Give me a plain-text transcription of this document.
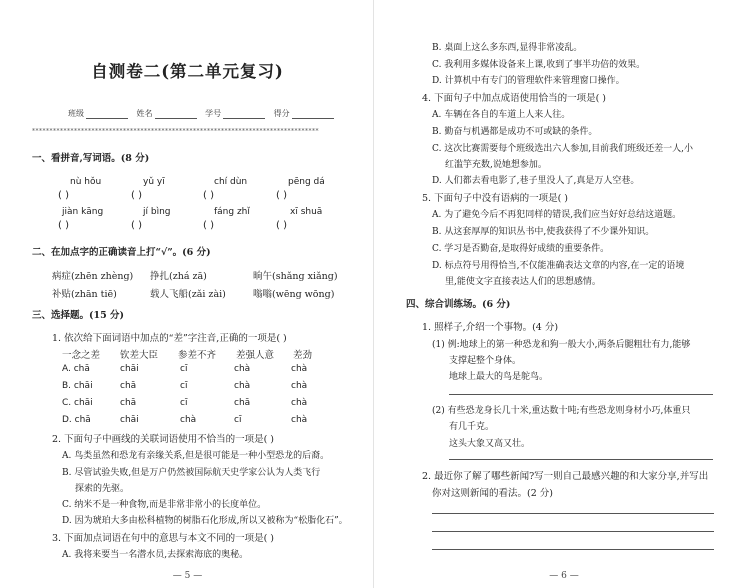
自测卷二(第二单元复习)
班级	姓名	学号	得分
**********************************************************************************
一、看拼音,写词语。(8 分)
nù hǒu	yǔ yī	chí dùn	pēng dá
( )	( )	( )	( )
jiàn kāng	jí bìng	fáng zhǐ	xī shuā
( )	( )	( )	( )
二、在加点字的正确读音上打“√”。(6 分)
病症(zhēn zhèng) 挣扎(zhá zā)	晌午(shǎng xiǎng)
补贴(zhān tiē)	载人飞船(zǎi zài)	嗡嗡(wēng wōng)
三、选择题。(15 分)
1. 依次给下面词语中加点的“差”字注音,正确的一项是( )
一念之差 钦差大臣 参差不齐 差强人意 差劲
A. chā	chāi	cī	chà	chà
B. chāi	chā	cī	chà	chà
C. chāi	chā	cī	chā	chà
D. chā	chāi	chà	cī	chà
2. 下面句子中画线的关联词语使用不恰当的一项是( )
A. 鸟类虽然和恐龙有亲缘关系,但是很可能是一种小型恐龙的后裔。
B. 尽管试验失败,但是万户仍然被国际航天史学家公认为人类飞行
探索的先驱。
C. 纳米不是一种食物,而是非常非常小的长度单位。
D. 因为琥珀大多由松科植物的树脂石化形成,所以又被称为“松脂化石”。
3. 下面加点词语在句中的意思与本文不同的一项是( )
A. 我将来要当一名潜水员,去探索海底的奥秘。
— 5 —
B. 桌面上这么多东西,显得非常凌乱。
C. 我利用多媒体设备来上课,收到了事半功倍的效果。
D. 计算机中有专门的管理软件来管理窗口操作。
4. 下面句子中加点成语使用恰当的一项是( )
A. 车辆在各自的车道上人来人往。
B. 勤奋与机遇都是成功不可或缺的条件。
C. 这次比赛需要每个班级选出六人参加,目前我们班级还差一人,小
红滥竽充数,说她想参加。
D. 人们都去看电影了,巷子里没人了,真是万人空巷。
5. 下面句子中没有语病的一项是( )
A. 为了避免今后不再犯同样的错误,我们应当好好总结这道题。
B. 从这套厚厚的知识丛书中,使我获得了不少课外知识。
C. 学习是否勤奋,是取得好成绩的重要条件。
D. 标点符号用得恰当,不仅能准确表达文章的内容,在一定的语境
里,能使文字直接表达人们的思想感情。
四、综合训练场。(6 分)
1. 照样子,介绍一个事物。(4 分)
(1) 例:地球上的第一种恐龙和狗一般大小,两条后腿粗壮有力,能够
支撑起整个身体。
地球上最大的鸟是鸵鸟。
(2) 有些恐龙身长几十米,重达数十吨;有些恐龙则身材小巧,体重只
有几千克。
这头大象又高又壮。
2. 最近你了解了哪些新闻?写一则自己最感兴趣的和大家分享,并写出
你对这则新闻的看法。(2 分)
— 6 —
